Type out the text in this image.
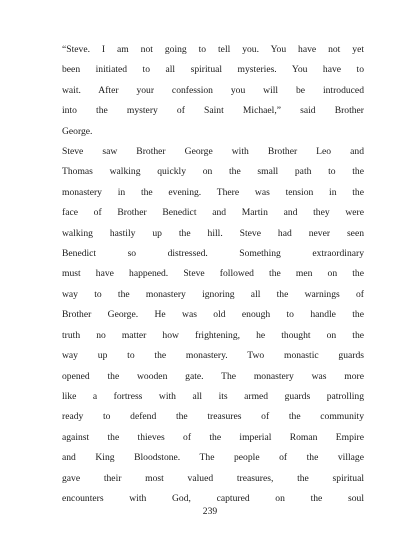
“Steve. I am not going to tell you. You have not yet
been initiated to all spiritual mysteries. You have to
wait. After your confession you will be introduced
into the mystery of Saint Michael,” said Brother
George.
Steve saw Brother George with Brother Leo and
Thomas walking quickly on the small path to the
monastery in the evening. There was tension in the
face of Brother Benedict and Martin and they were
walking hastily up the hill. Steve had never seen
Benedict so distressed. Something extraordinary
must have happened. Steve followed the men on the
way to the monastery ignoring all the warnings of
Brother George. He was old enough to handle the
truth no matter how frightening, he thought on the
way up to the monastery. Two monastic guards
opened the wooden gate. The monastery was more
like a fortress with all its armed guards patrolling
ready to defend the treasures of the community
against the thieves of the imperial Roman Empire
and King Bloodstone. The people of the village
gave their most valued treasures, the spiritual
encounters with God, captured on the soul
239
